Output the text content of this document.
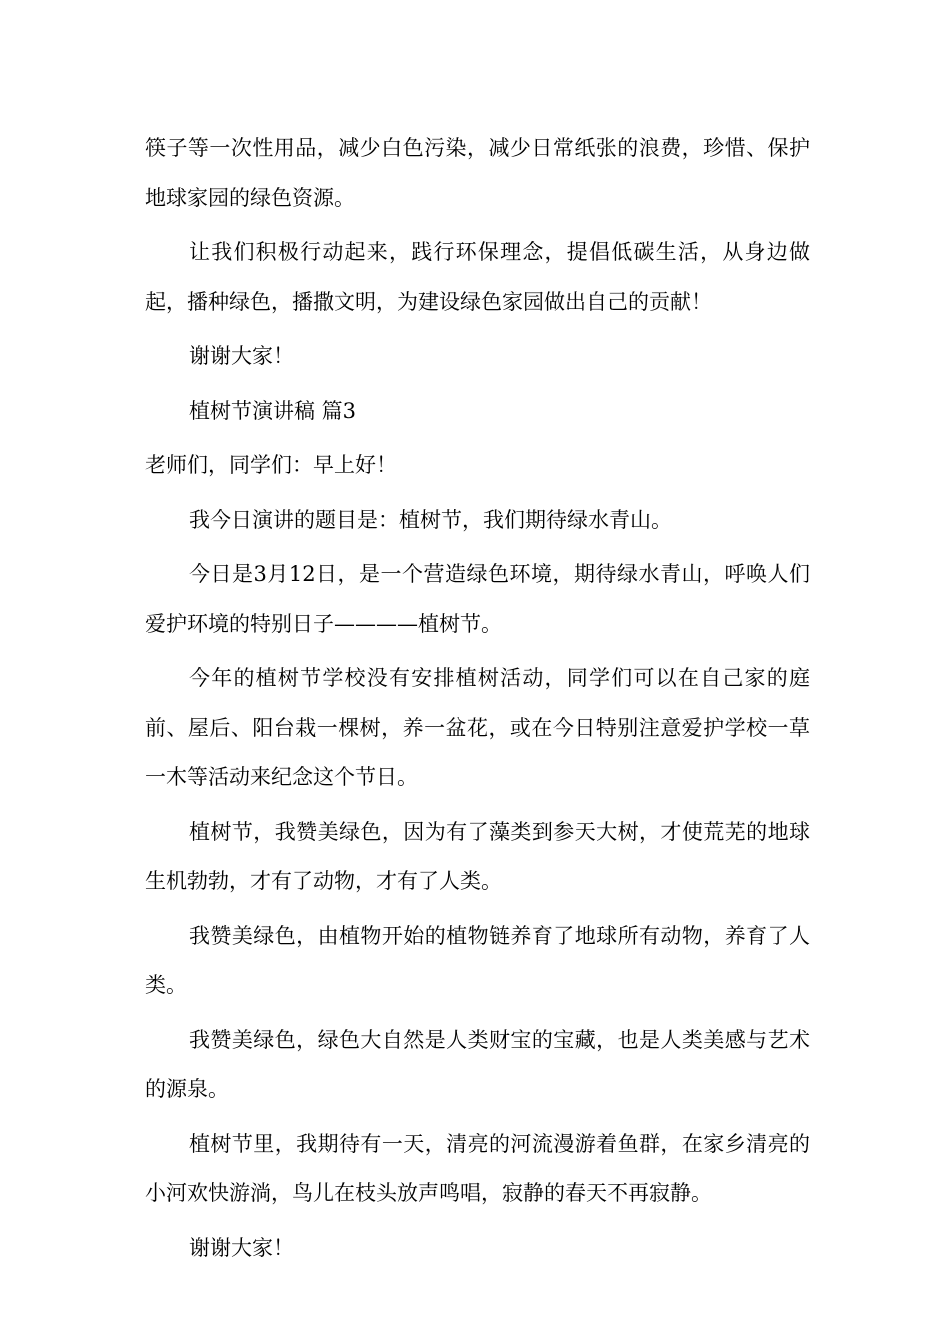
筷子等一次性用品，减少白色污染，减少日常纸张的浪费，珍惜、保护地球家园的绿色资源。

让我们积极行动起来，践行环保理念，提倡低碳生活，从身边做起，播种绿色，播撒文明，为建设绿色家园做出自己的贡献！

谢谢大家！

植树节演讲稿 篇3

老师们，同学们：早上好！

我今日演讲的题目是：植树节，我们期待绿水青山。

今日是3月12日，是一个营造绿色环境，期待绿水青山，呼唤人们爱护环境的特别日子————植树节。

今年的植树节学校没有安排植树活动，同学们可以在自己家的庭前、屋后、阳台栽一棵树，养一盆花，或在今日特别注意爱护学校一草一木等活动来纪念这个节日。

植树节，我赞美绿色，因为有了藻类到参天大树，才使荒芜的地球生机勃勃，才有了动物，才有了人类。

我赞美绿色，由植物开始的植物链养育了地球所有动物，养育了人类。

我赞美绿色，绿色大自然是人类财宝的宝藏，也是人类美感与艺术的源泉。

植树节里，我期待有一天，清亮的河流漫游着鱼群，在家乡清亮的小河欢快游淌，鸟儿在枝头放声鸣唱，寂静的春天不再寂静。

谢谢大家！
